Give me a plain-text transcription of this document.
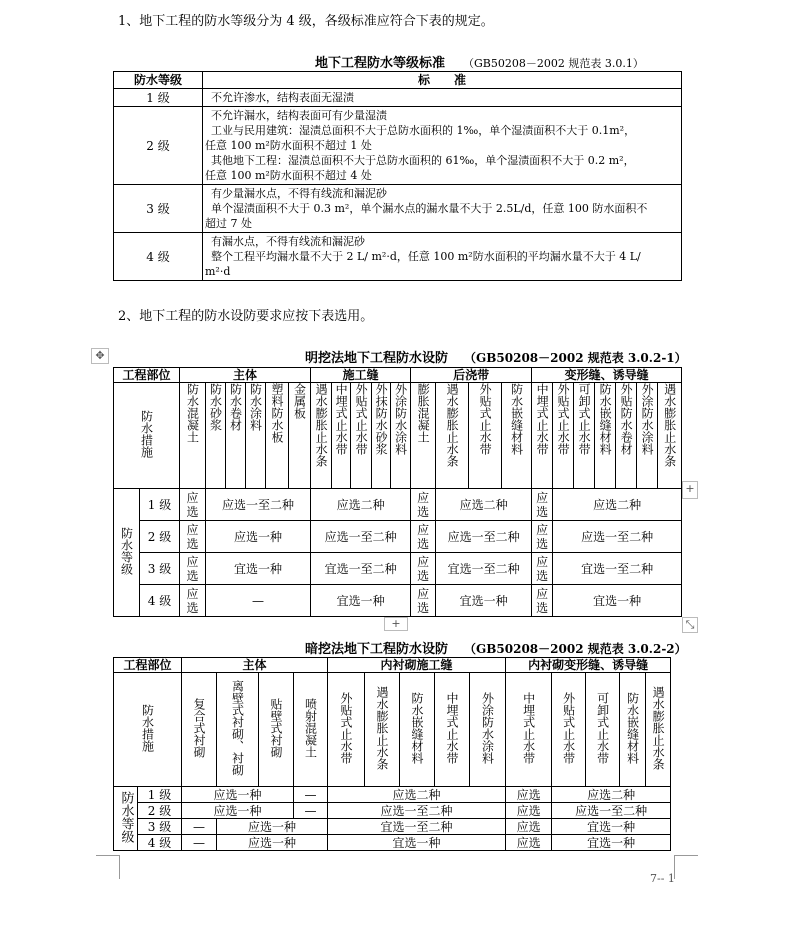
1、地下工程的防水等级分为 4 级，各级标准应符合下表的规定。
地下工程防水等级标准 （GB50208－2002 规范表 3.0.1）
防水等级	标　　准
1 级	不允许渗水，结构表面无湿渍

2 级	不允许漏水，结构表面可有少量湿渍
工业与民用建筑：湿渍总面积不大于总防水面积的 1‰，单个湿渍面积不大于 0.1m²，
任意 100 m²防水面积不超过 1 处
其他地下工程：湿渍总面积不大于总防水面积的 61‰，单个湿渍面积不大于 0.2 m²，
任意 100 m²防水面积不超过 4 处

3 级	有少量漏水点，不得有线流和漏泥砂
单个湿渍面积不大于 0.3 m²，单个漏水点的漏水量不大于 2.5L/d，任意 100 防水面积不
超过 7 处

4 级	有漏水点，不得有线流和漏泥砂
整个工程平均漏水量不大于 2 L/ m²·d，任意 100 m²防水面积的平均漏水量不大于 4 L/
m²·d
2、地下工程的防水设防要求应按下表选用。
✥	明挖法地下工程防水设防 （GB50208－2002 规范表 3.0.2-1）
工程部位		主体						施工缝					后浇带				变形缝、诱导缝						
防水措施		防水混凝土	防水砂浆	防水卷材	防水涂料	塑料防水板	金属板	遇水膨胀止水条	中埋式止水带	外贴式止水带	外抹防水砂浆	外涂防水涂料	膨胀混凝土	遇水膨胀止水条	外贴式止水带	防水嵌缝材料	中埋式止水带	外贴式止水带	可卸式止水带	防水嵌缝材料	外贴防水卷材	外涂防水涂料	遇水膨胀止水条
防水等级	1 级	应选	应选一至二种					应选二种					应选	应选二种			应选	应选二种					
	2 级	应选	应选一种					应选一至二种					应选	应选一至二种			应选	应选一至二种					
	3 级	应选	宜选一种					宜选一至二种					应选	宜选一至二种			应选	宜选一至二种					
	4 级	应选	—					宜选一种					应选	宜选一种			应选	宜选一种					
+
+	⤡
暗挖法地下工程防水设防 （GB50208－2002 规范表 3.0.2-2）
工程部位		主体				内衬砌施工缝					内衬砌变形缝、诱导缝				
防水措施		复合式衬砌	离壁式衬砌、衬砌	贴壁式衬砌	喷射混凝土	外贴式止水带	遇水膨胀止水条	防水嵌缝材料	中埋式止水带	外涂防水涂料	中埋式止水带	外贴式止水带	可卸式止水带	防水嵌缝材料	遇水膨胀止水条
防水等级	1 级	应选一种			—	应选二种					应选	应选二种			
	2 级	应选一种			—	应选一至二种					应选	应选一至二种			
	3 级	—	应选一种			宜选一至二种					应选	宜选一种			
	4 级	—	应选一种			宜选一种					应选	宜选一种			
7-- 1
